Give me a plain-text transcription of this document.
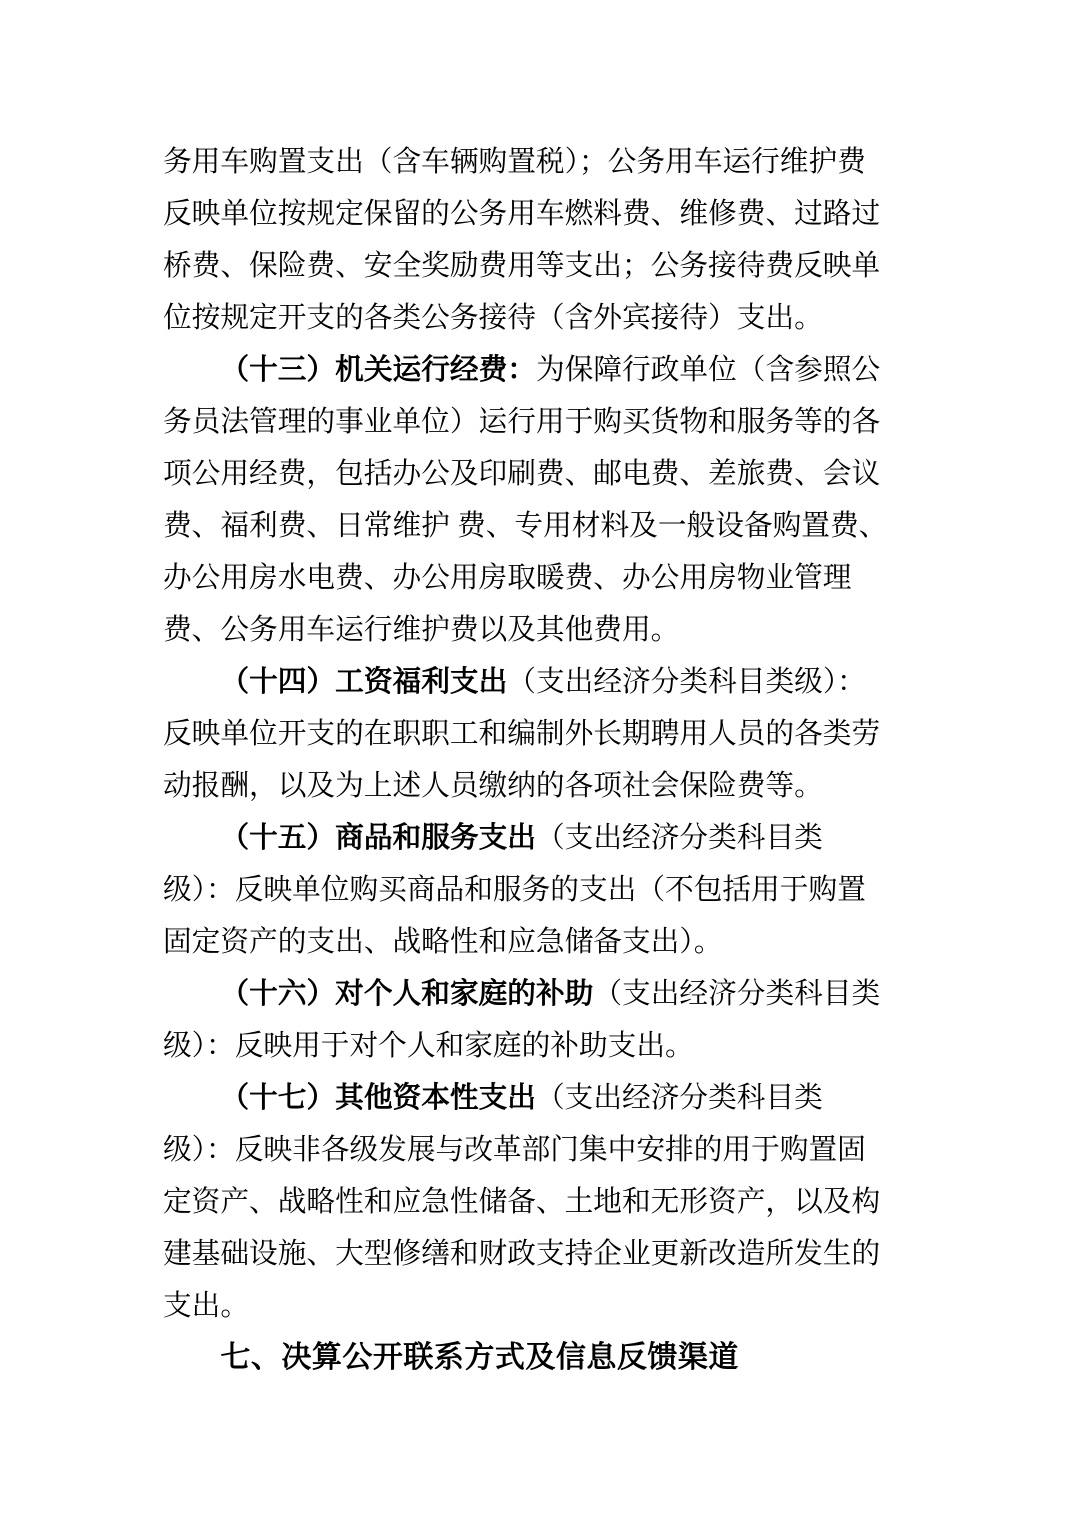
务用车购置支出（含车辆购置税）；公务用车运行维护费
反映单位按规定保留的公务用车燃料费、维修费、过路过
桥费、保险费、安全奖励费用等支出；公务接待费反映单
位按规定开支的各类公务接待（含外宾接待）支出。
（十三）机关运行经费：为保障行政单位（含参照公
务员法管理的事业单位）运行用于购买货物和服务等的各
项公用经费，包括办公及印刷费、邮电费、差旅费、会议
费、福利费、日常维护 费、专用材料及一般设备购置费、
办公用房水电费、办公用房取暖费、办公用房物业管理
费、公务用车运行维护费以及其他费用。
（十四）工资福利支出（支出经济分类科目类级）：
反映单位开支的在职职工和编制外长期聘用人员的各类劳
动报酬，以及为上述人员缴纳的各项社会保险费等。
（十五）商品和服务支出（支出经济分类科目类
级）：反映单位购买商品和服务的支出（不包括用于购置
固定资产的支出、战略性和应急储备支出）。
（十六）对个人和家庭的补助（支出经济分类科目类
级）：反映用于对个人和家庭的补助支出。
（十七）其他资本性支出（支出经济分类科目类
级）：反映非各级发展与改革部门集中安排的用于购置固
定资产、战略性和应急性储备、土地和无形资产，以及构
建基础设施、大型修缮和财政支持企业更新改造所发生的
支出。
七、决算公开联系方式及信息反馈渠道
